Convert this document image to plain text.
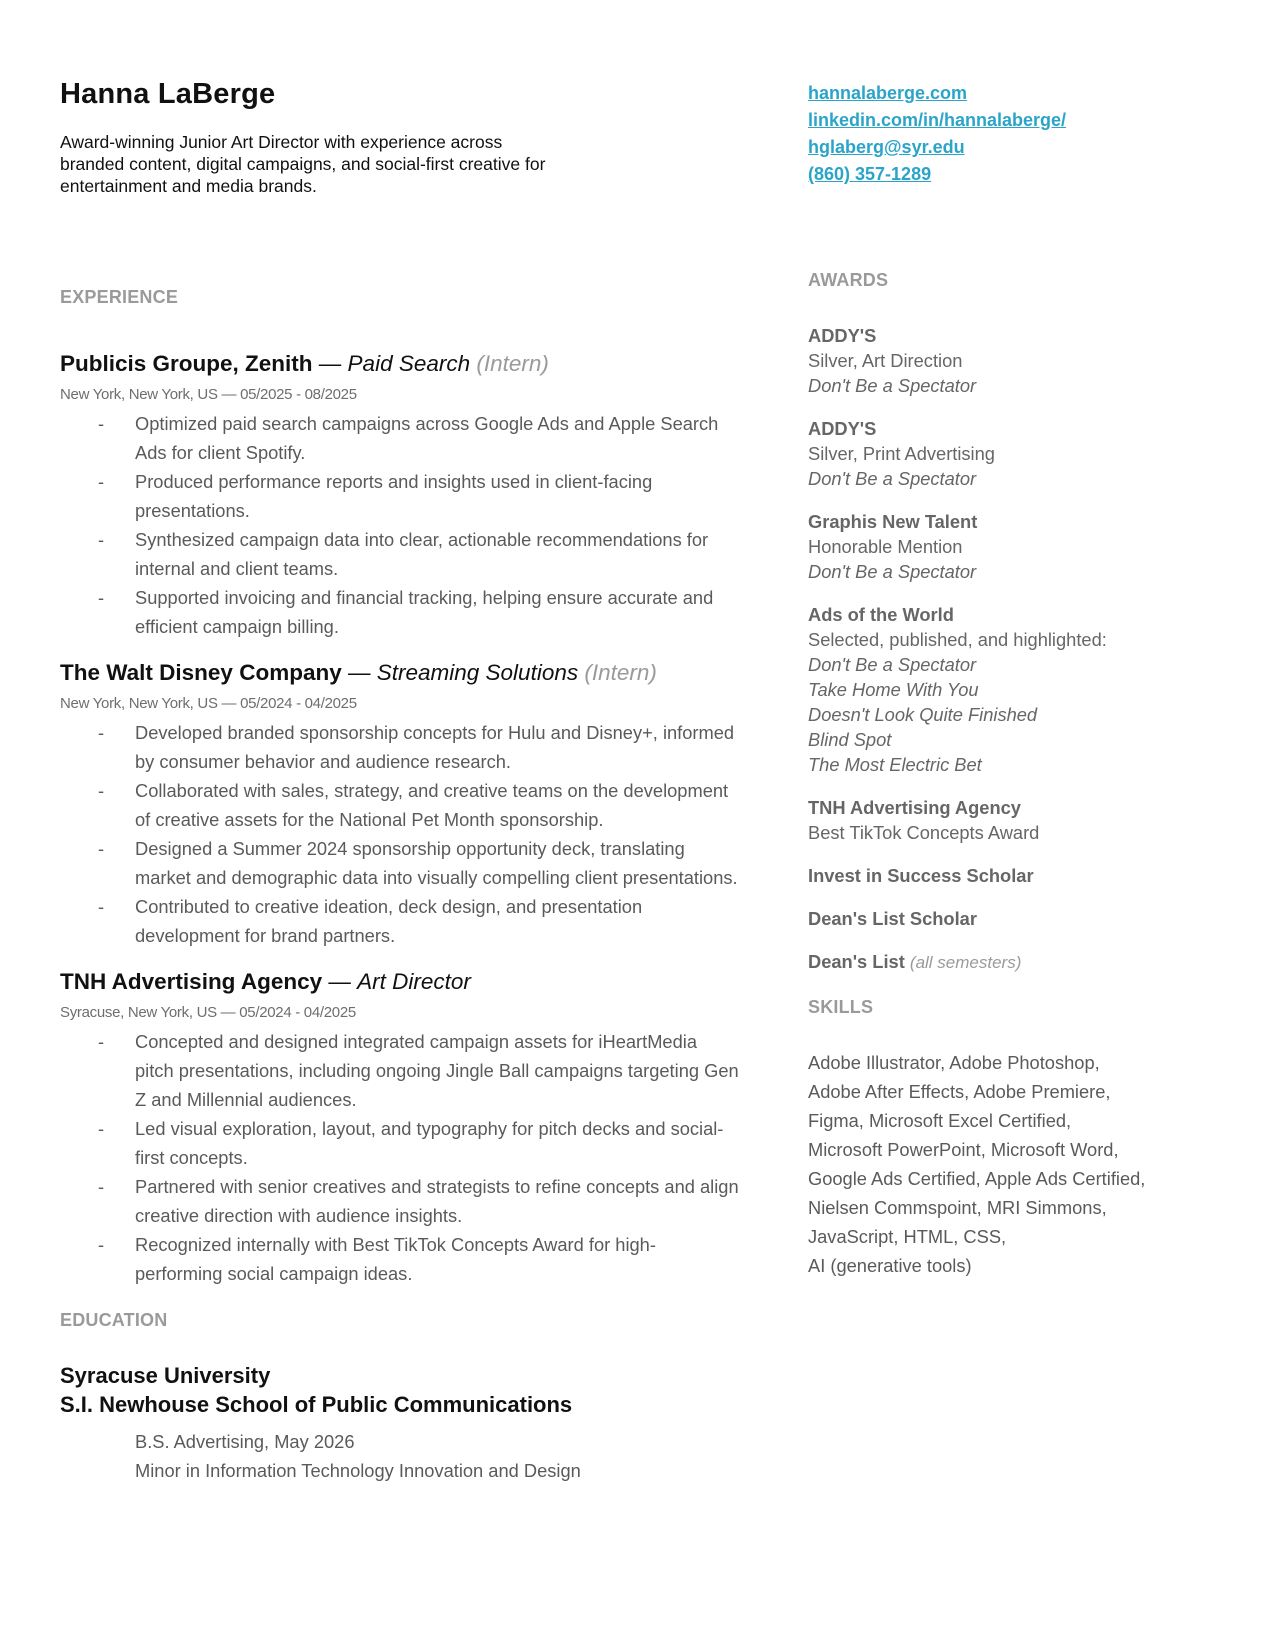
Hanna LaBerge
Award-winning Junior Art Director with experience across branded content, digital campaigns, and social-first creative for entertainment and media brands.
EXPERIENCE
Publicis Groupe, Zenith — Paid Search (Intern)
New York, New York, US — 05/2025 - 08/2025
- Optimized paid search campaigns across Google Ads and Apple Search Ads for client Spotify.
- Produced performance reports and insights used in client-facing presentations.
- Synthesized campaign data into clear, actionable recommendations for internal and client teams.
- Supported invoicing and financial tracking, helping ensure accurate and efficient campaign billing.
The Walt Disney Company — Streaming Solutions (Intern)
New York, New York, US — 05/2024 - 04/2025
- Developed branded sponsorship concepts for Hulu and Disney+, informed by consumer behavior and audience research.
- Collaborated with sales, strategy, and creative teams on the development of creative assets for the National Pet Month sponsorship.
- Designed a Summer 2024 sponsorship opportunity deck, translating market and demographic data into visually compelling client presentations.
- Contributed to creative ideation, deck design, and presentation development for brand partners.
TNH Advertising Agency — Art Director
Syracuse, New York, US — 05/2024 - 04/2025
- Concepted and designed integrated campaign assets for iHeartMedia pitch presentations, including ongoing Jingle Ball campaigns targeting Gen Z and Millennial audiences.
- Led visual exploration, layout, and typography for pitch decks and social-first concepts.
- Partnered with senior creatives and strategists to refine concepts and align creative direction with audience insights.
- Recognized internally with Best TikTok Concepts Award for high-performing social campaign ideas.
EDUCATION
Syracuse University
S.I. Newhouse School of Public Communications
B.S. Advertising, May 2026
Minor in Information Technology Innovation and Design
hannalaberge.com
linkedin.com/in/hannalaberge/
hglaberg@syr.edu
(860) 357-1289
AWARDS
ADDY'S
Silver, Art Direction
Don't Be a Spectator
ADDY'S
Silver, Print Advertising
Don't Be a Spectator
Graphis New Talent
Honorable Mention
Don't Be a Spectator
Ads of the World
Selected, published, and highlighted:
Don't Be a Spectator
Take Home With You
Doesn't Look Quite Finished
Blind Spot
The Most Electric Bet
TNH Advertising Agency
Best TikTok Concepts Award
Invest in Success Scholar
Dean's List Scholar
Dean's List (all semesters)
SKILLS
Adobe Illustrator, Adobe Photoshop,
Adobe After Effects, Adobe Premiere,
Figma, Microsoft Excel Certified,
Microsoft PowerPoint, Microsoft Word,
Google Ads Certified, Apple Ads Certified,
Nielsen Commspoint, MRI Simmons,
JavaScript, HTML, CSS,
AI (generative tools)
